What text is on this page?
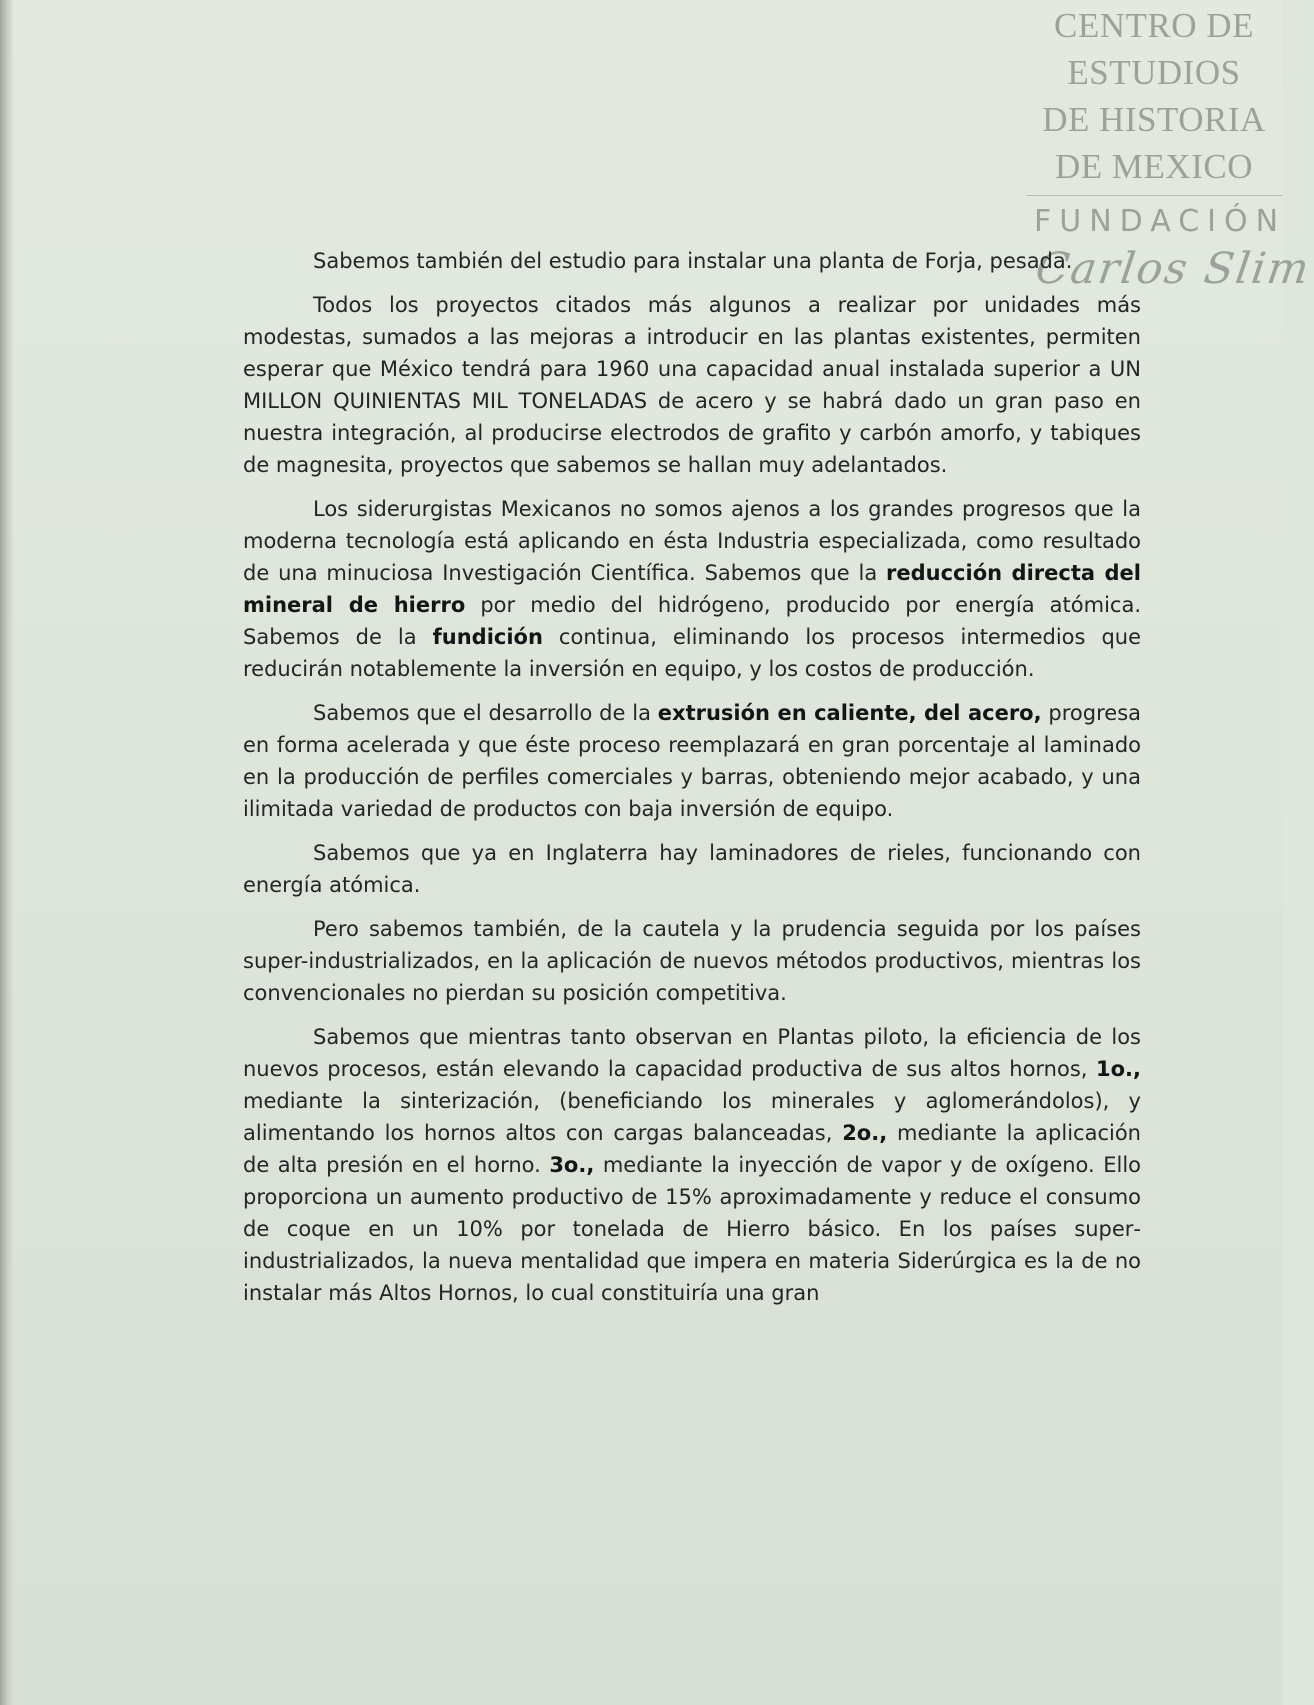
CENTRO DE
ESTUDIOS
DE HISTORIA
DE MEXICO
FUNDACIÓN
Carlos Slim

Sabemos también del estudio para instalar una planta de Forja, pesada.

Todos los proyectos citados más algunos a realizar por unidades más modestas, sumados a las mejoras a introducir en las plantas existentes, permiten esperar que México tendrá para 1960 una capacidad anual instalada superior a UN MILLON QUINIENTAS MIL TONELADAS de acero y se habrá dado un gran paso en nuestra integración, al producirse electrodos de grafito y carbón amorfo, y tabiques de magnesita, proyectos que sabemos se hallan muy adelantados.

Los siderurgistas Mexicanos no somos ajenos a los grandes progresos que la moderna tecnología está aplicando en ésta Industria especializada, como resultado de una minuciosa Investigación Científica. Sabemos que la reducción directa del mineral de hierro por medio del hidrógeno, producido por energía atómica. Sabemos de la fundición continua, eliminando los procesos intermedios que reducirán notablemente la inversión en equipo, y los costos de producción.

Sabemos que el desarrollo de la extrusión en caliente, del acero, progresa en forma acelerada y que éste proceso reemplazará en gran porcentaje al laminado en la producción de perfiles comerciales y barras, obteniendo mejor acabado, y una ilimitada variedad de productos con baja inversión de equipo.

Sabemos que ya en Inglaterra hay laminadores de rieles, funcionando con energía atómica.

Pero sabemos también, de la cautela y la prudencia seguida por los países super-industrializados, en la aplicación de nuevos métodos productivos, mientras los convencionales no pierdan su posición competitiva.

Sabemos que mientras tanto observan en Plantas piloto, la eficiencia de los nuevos procesos, están elevando la capacidad productiva de sus altos hornos, 1o., mediante la sinterización, (beneficiando los minerales y aglomerándolos), y alimentando los hornos altos con cargas balanceadas, 2o., mediante la aplicación de alta presión en el horno. 3o., mediante la inyección de vapor y de oxígeno. Ello proporciona un aumento productivo de 15% aproximadamente y reduce el consumo de coque en un 10% por tonelada de Hierro básico. En los países superindustrializados, la nueva mentalidad que impera en materia Siderúrgica es la de no instalar más Altos Hornos, lo cual constituiría una gran
